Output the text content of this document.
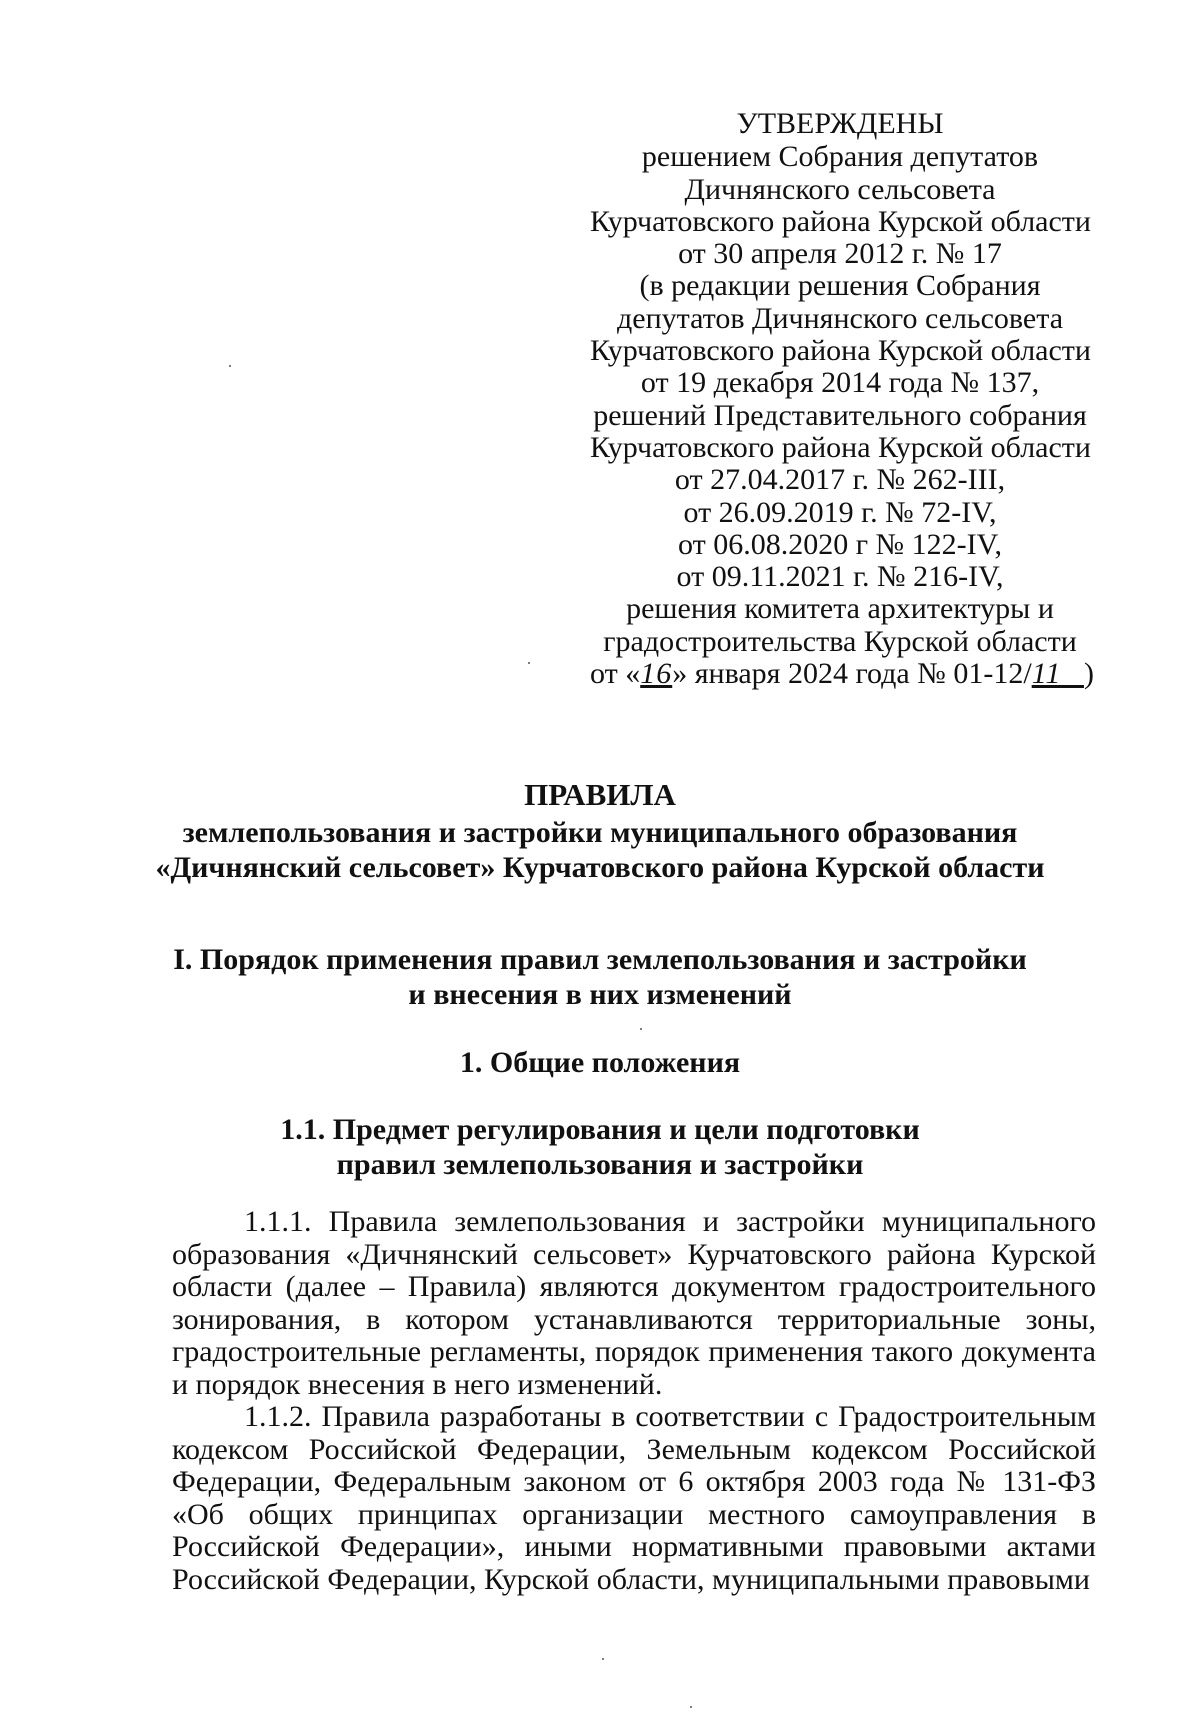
УТВЕРЖДЕНЫ
решением Собрания депутатов
Дичнянского сельсовета
Курчатовского района Курской области
от 30 апреля 2012 г. № 17
(в редакции решения Собрания
депутатов Дичнянского сельсовета
Курчатовского района Курской области
от 19 декабря 2014 года № 137,
решений Представительного собрания
Курчатовского района Курской области
от 27.04.2017 г. № 262-III,
от 26.09.2019 г. № 72-IV,
от 06.08.2020 г № 122-IV,
от 09.11.2021 г. № 216-IV,
решения комитета архитектуры и
градостроительства Курской области
от «16» января 2024 года № 01-12/11 )
ПРАВИЛА
землепользования и застройки муниципального образования
«Дичнянский сельсовет» Курчатовского района Курской области
I. Порядок применения правил землепользования и застройки
и внесения в них изменений
1. Общие положения
1.1. Предмет регулирования и цели подготовки
правил землепользования и застройки

1.1.1. Правила землепользования и застройки муниципального образования «Дичнянский сельсовет» Курчатовского района Курской области (далее – Правила) являются документом градостроительного зонирования, в котором устанавливаются территориальные зоны, градостроительные регламенты, порядок применения такого документа и порядок внесения в него изменений.

1.1.2. Правила разработаны в соответствии с Градостроительным кодексом Российской Федерации, Земельным кодексом Российской Федерации, Федеральным законом от 6 октября 2003 года № 131-ФЗ «Об общих принципах организации местного самоуправления в Российской Федерации», иными нормативными правовыми актами Российской Федерации, Курской области, муниципальными правовыми
